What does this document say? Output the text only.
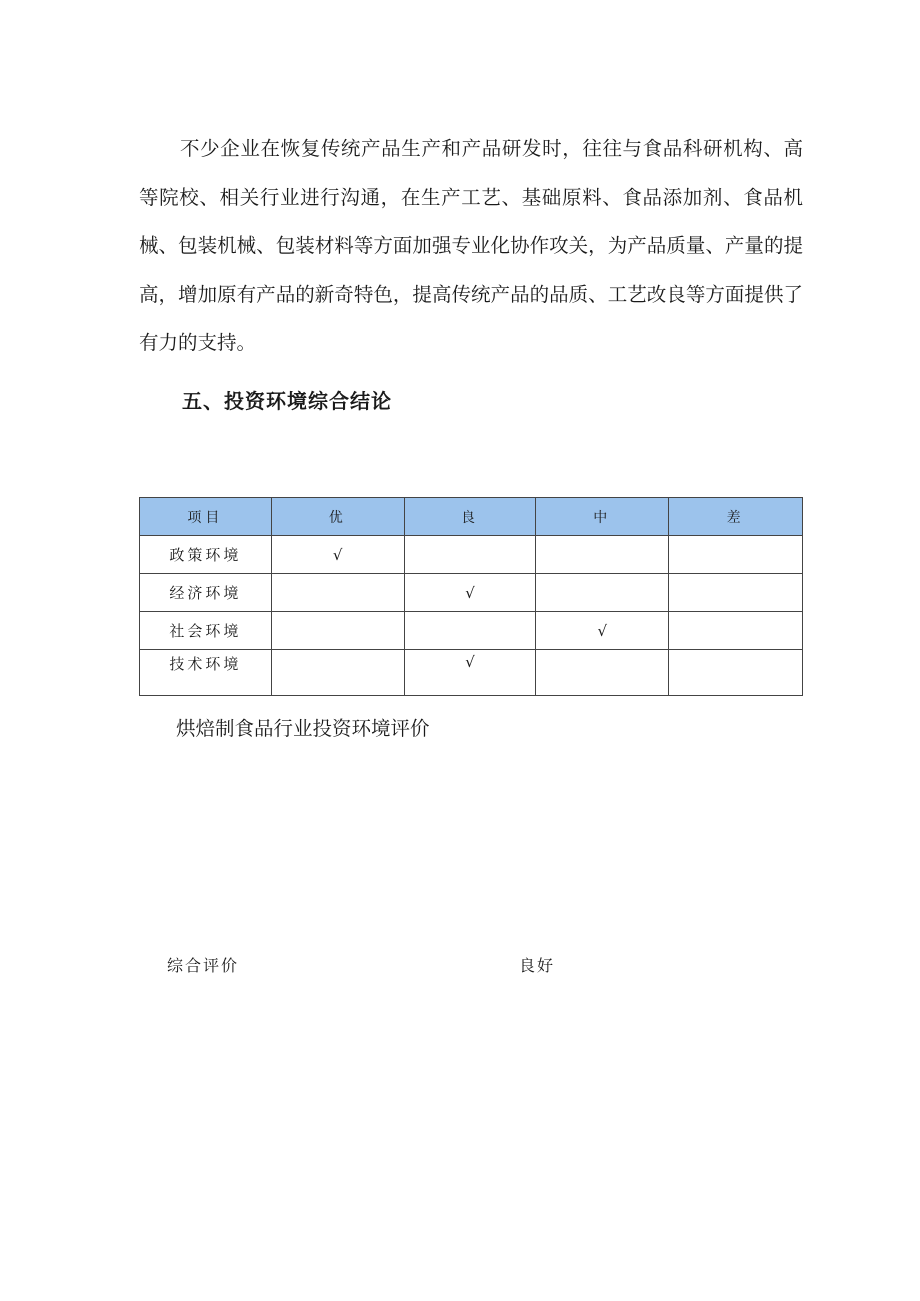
不少企业在恢复传统产品生产和产品研发时，往往与食品科研机构、高等院校、相关行业进行沟通，在生产工艺、基础原料、食品添加剂、食品机械、包装机械、包装材料等方面加强专业化协作攻关，为产品质量、产量的提高，增加原有产品的新奇特色，提高传统产品的品质、工艺改良等方面提供了有力的支持。

五、投资环境综合结论
项目	优	良	中	差
政策环境	√			
经济环境		√		
社会环境			√	
技术环境		√		

烘焙制食品行业投资环境评价

综合评价	良好
